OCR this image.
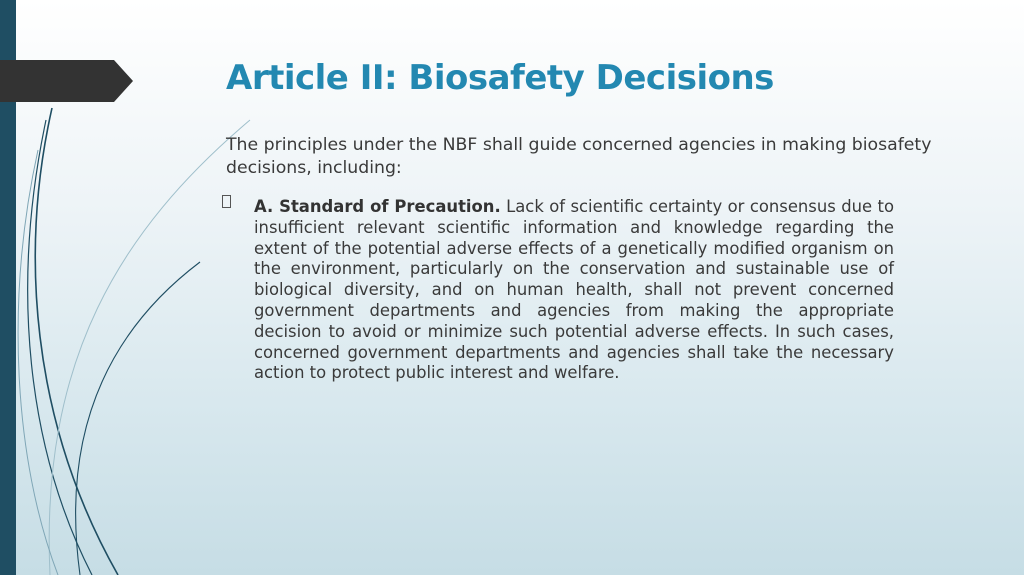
Article II: Biosafety Decisions

The principles under the NBF shall guide concerned agencies in making biosafety decisions, including:

A. Standard of Precaution. Lack of scientific certainty or consensus due to insufficient relevant scientific information and knowledge regarding the extent of the potential adverse effects of a genetically modified organism on the environment, particularly on the conservation and sustainable use of biological diversity, and on human health, shall not prevent concerned government departments and agencies from making the appropriate decision to avoid or minimize such potential adverse effects. In such cases, concerned government departments and agencies shall take the necessary action to protect public interest and welfare.
